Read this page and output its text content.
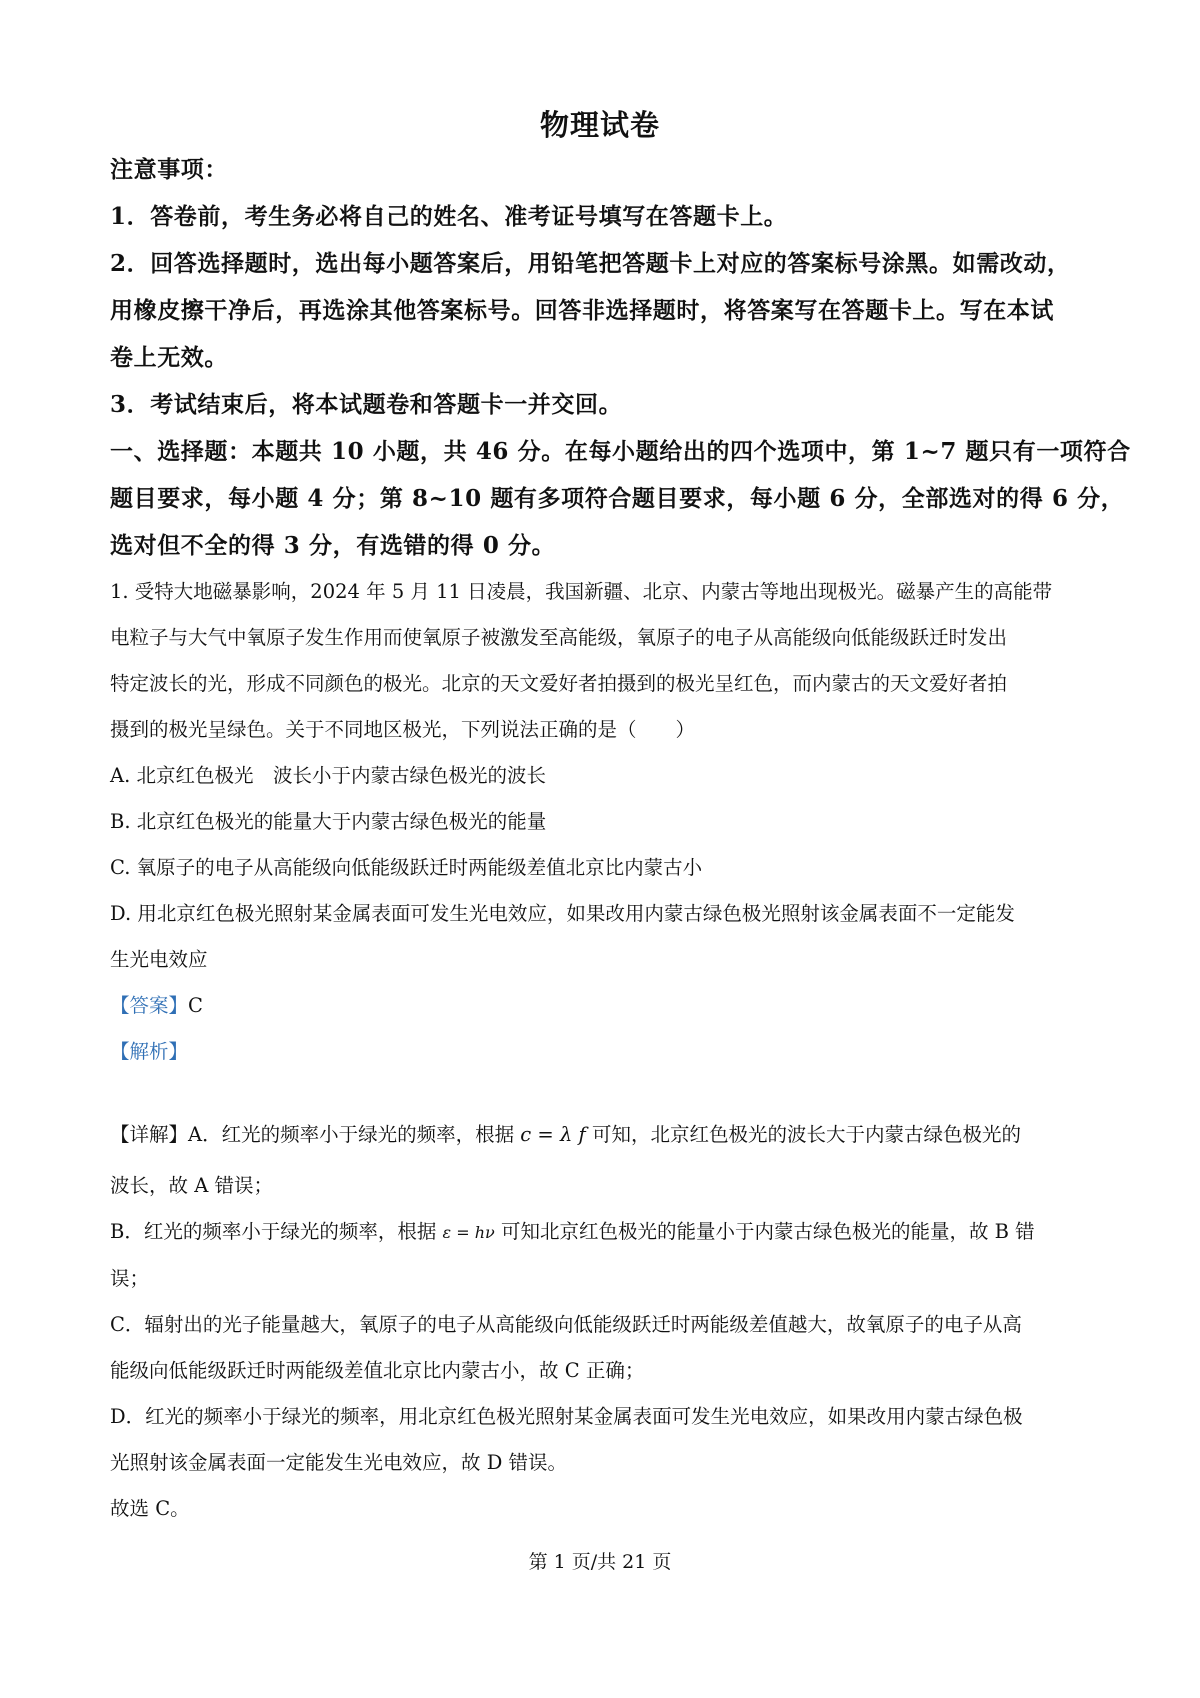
物理试卷
注意事项：
1．答卷前，考生务必将自己的姓名、准考证号填写在答题卡上。
2．回答选择题时，选出每小题答案后，用铅笔把答题卡上对应的答案标号涂黑。如需改动，
用橡皮擦干净后，再选涂其他答案标号。回答非选择题时，将答案写在答题卡上。写在本试
卷上无效。
3．考试结束后，将本试题卷和答题卡一并交回。
一、选择题：本题共 10 小题，共 46 分。在每小题给出的四个选项中，第 1~7 题只有一项符合
题目要求，每小题 4 分；第 8~10 题有多项符合题目要求，每小题 6 分，全部选对的得 6 分，
选对但不全的得 3 分，有选错的得 0 分。
1. 受特大地磁暴影响，2024 年 5 月 11 日凌晨，我国新疆、北京、内蒙古等地出现极光。磁暴产生的高能带
电粒子与大气中氧原子发生作用而使氧原子被激发至高能级，氧原子的电子从高能级向低能级跃迁时发出
特定波长的光，形成不同颜色的极光。北京的天文爱好者拍摄到的极光呈红色，而内蒙古的天文爱好者拍
摄到的极光呈绿色。关于不同地区极光，下列说法正确的是（　　）
A. 北京红色极光　波长小于内蒙古绿色极光的波长
B. 北京红色极光的能量大于内蒙古绿色极光的能量
C. 氧原子的电子从高能级向低能级跃迁时两能级差值北京比内蒙古小
D. 用北京红色极光照射某金属表面可发生光电效应，如果改用内蒙古绿色极光照射该金属表面不一定能发
生光电效应
【答案】C
【解析】
【详解】A．红光的频率小于绿光的频率，根据 c = λ f 可知，北京红色极光的波长大于内蒙古绿色极光的
波长，故 A 错误；
B．红光的频率小于绿光的频率，根据 ε = hν 可知北京红色极光的能量小于内蒙古绿色极光的能量，故 B 错
误；
C．辐射出的光子能量越大，氧原子的电子从高能级向低能级跃迁时两能级差值越大，故氧原子的电子从高
能级向低能级跃迁时两能级差值北京比内蒙古小，故 C 正确；
D．红光的频率小于绿光的频率，用北京红色极光照射某金属表面可发生光电效应，如果改用内蒙古绿色极
光照射该金属表面一定能发生光电效应，故 D 错误。
故选 C。
第 1 页/共 21 页
